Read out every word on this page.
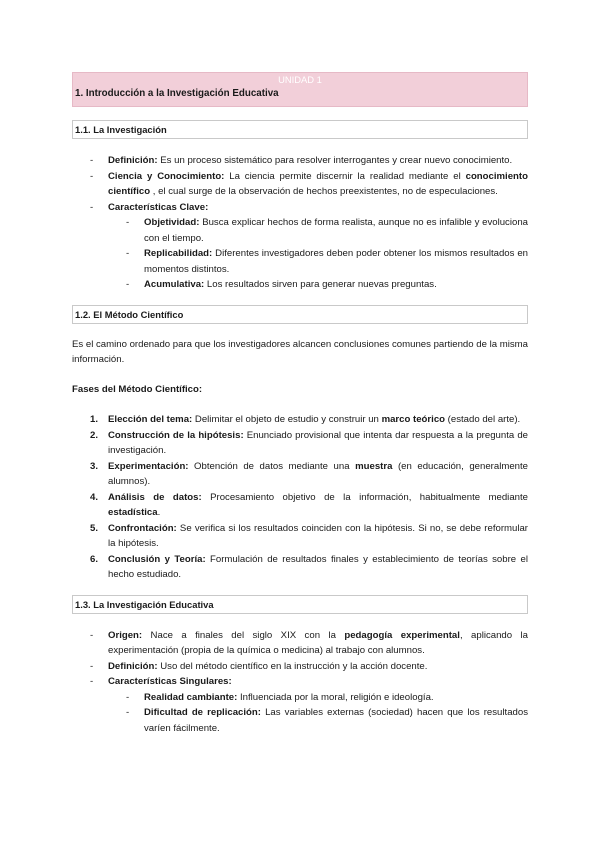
UNIDAD 1
1. Introducción a la Investigación Educativa
1.1. La Investigación
- Definición: Es un proceso sistemático para resolver interrogantes y crear nuevo conocimiento.
- Ciencia y Conocimiento: La ciencia permite discernir la realidad mediante el conocimiento científico , el cual surge de la observación de hechos preexistentes, no de especulaciones.
- Características Clave:
- Objetividad: Busca explicar hechos de forma realista, aunque no es infalible y evoluciona con el tiempo.
- Replicabilidad: Diferentes investigadores deben poder obtener los mismos resultados en momentos distintos.
- Acumulativa: Los resultados sirven para generar nuevas preguntas.
1.2. El Método Científico
Es el camino ordenado para que los investigadores alcancen conclusiones comunes partiendo de la misma información.
Fases del Método Científico:
1. Elección del tema: Delimitar el objeto de estudio y construir un marco teórico (estado del arte).
2. Construcción de la hipótesis: Enunciado provisional que intenta dar respuesta a la pregunta de investigación.
3. Experimentación: Obtención de datos mediante una muestra (en educación, generalmente alumnos).
4. Análisis de datos: Procesamiento objetivo de la información, habitualmente mediante estadística.
5. Confrontación: Se verifica si los resultados coinciden con la hipótesis. Si no, se debe reformular la hipótesis.
6. Conclusión y Teoría: Formulación de resultados finales y establecimiento de teorías sobre el hecho estudiado.
1.3. La Investigación Educativa
- Origen: Nace a finales del siglo XIX con la pedagogía experimental, aplicando la experimentación (propia de la química o medicina) al trabajo con alumnos.
- Definición: Uso del método científico en la instrucción y la acción docente.
- Características Singulares:
- Realidad cambiante: Influenciada por la moral, religión e ideología.
- Dificultad de replicación: Las variables externas (sociedad) hacen que los resultados varíen fácilmente.
